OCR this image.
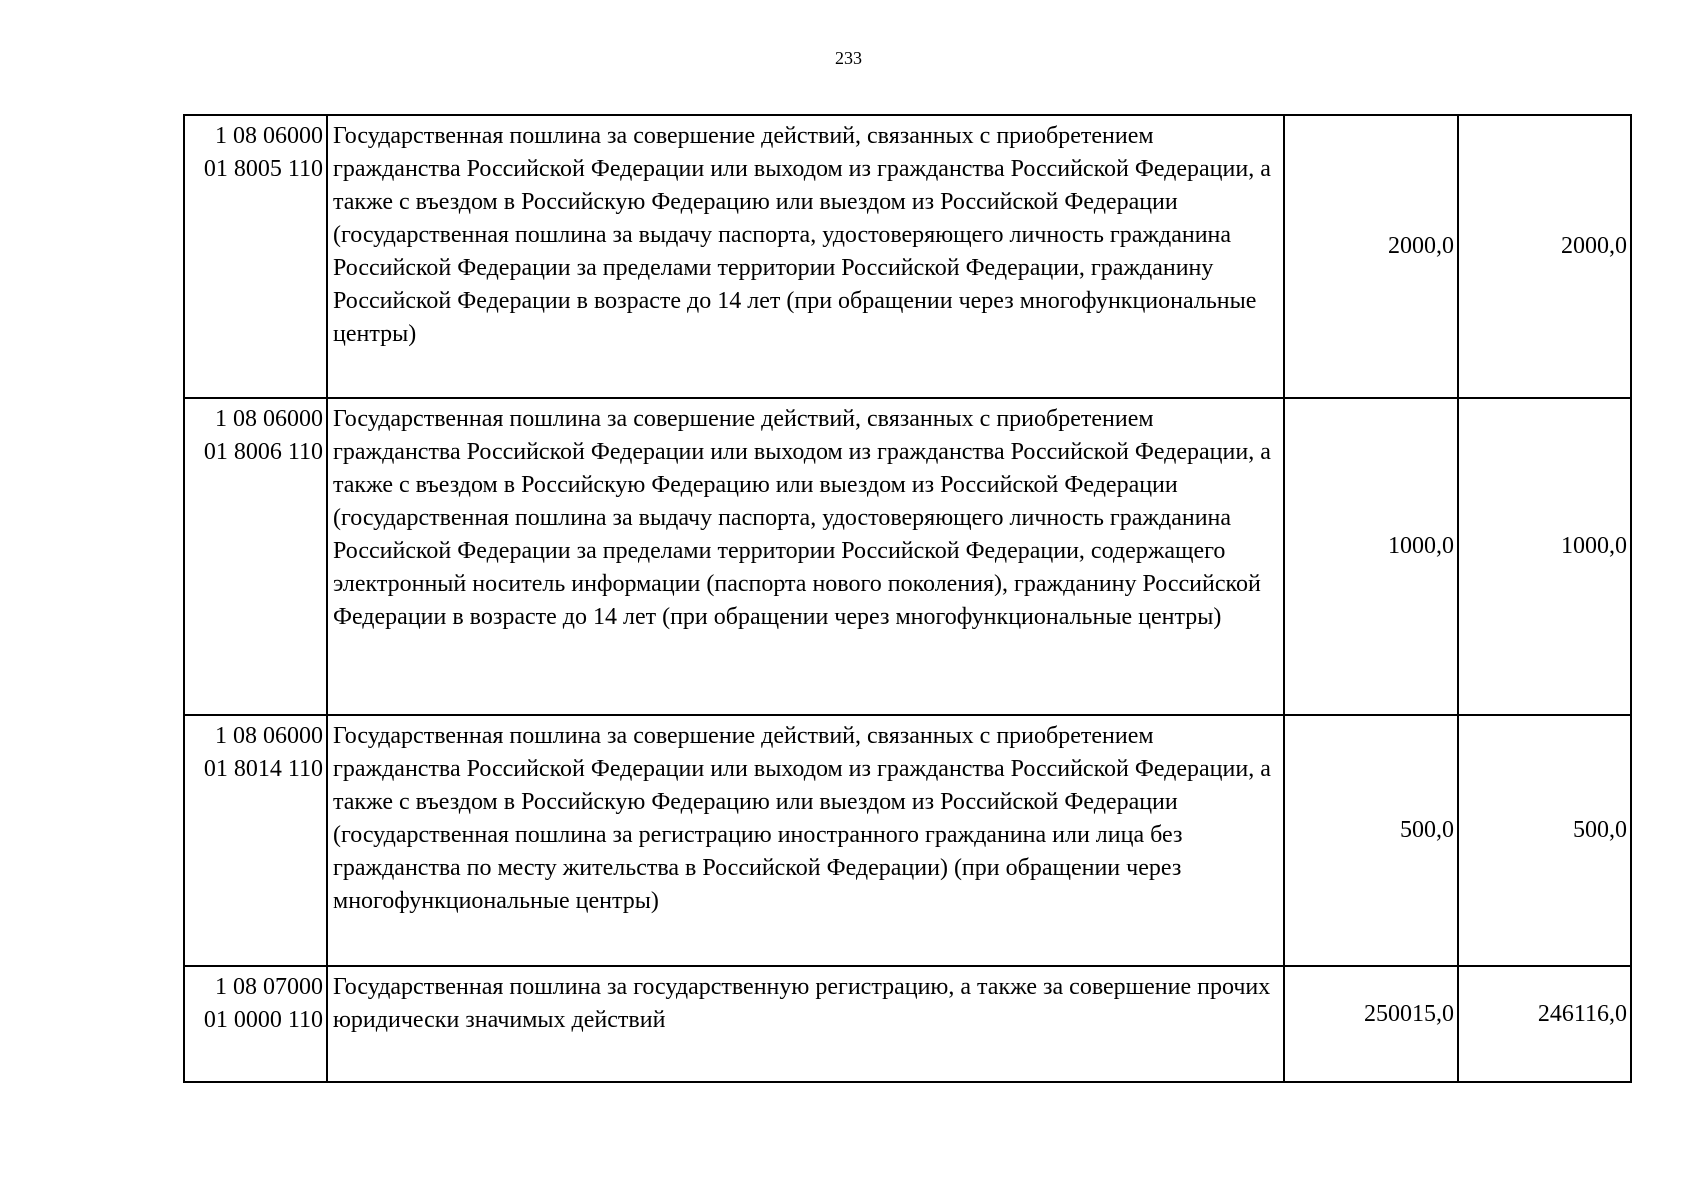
233
1 08 06000
01 8005 110	Государственная пошлина за совершение действий, связанных с приобретением гражданства Российской Федерации или выходом из гражданства Российской Федерации, а также с въездом в Российскую Федерацию или выездом из Российской Федерации (государственная пошлина за выдачу паспорта, удостоверяющего личность гражданина Российской Федерации за пределами территории Российской Федерации, гражданину Российской Федерации в возрасте до 14 лет (при обращении через многофункциональные центры)	2000,0	2000,0

1 08 06000
01 8006 110	Государственная пошлина за совершение действий, связанных с приобретением гражданства Российской Федерации или выходом из гражданства Российской Федерации, а также с въездом в Российскую Федерацию или выездом из Российской Федерации (государственная пошлина за выдачу паспорта, удостоверяющего личность гражданина Российской Федерации за пределами территории Российской Федерации, содержащего электронный носитель информации (паспорта нового поколения), гражданину Российской Федерации в возрасте до 14 лет (при обращении через многофункциональные центры)	1000,0	1000,0

1 08 06000
01 8014 110	Государственная пошлина за совершение действий, связанных с приобретением гражданства Российской Федерации или выходом из гражданства Российской Федерации, а также с въездом в Российскую Федерацию или выездом из Российской Федерации (государственная пошлина за регистрацию иностранного гражданина или лица без гражданства по месту жительства в Российской Федерации) (при обращении через многофункциональные центры)	500,0	500,0

1 08 07000
01 0000 110	Государственная пошлина за государственную регистрацию, а также за совершение прочих юридически значимых действий	250015,0	246116,0
